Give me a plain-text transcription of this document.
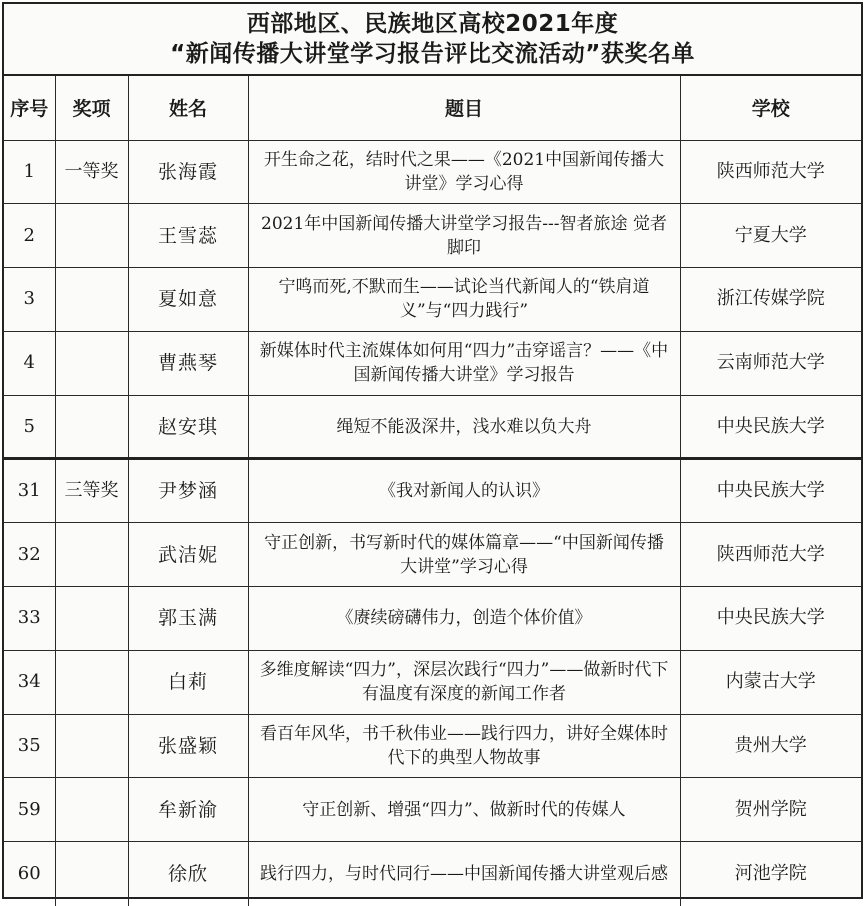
西部地区、民族地区高校2021年度
“新闻传播大讲堂学习报告评比交流活动”获奖名单
序号	奖项	姓名	题目	学校
1	一等奖	张海霞	开生命之花，结时代之果——《2021中国新闻传播大讲堂》学习心得	陕西师范大学
2		王雪蕊	2021年中国新闻传播大讲堂学习报告---智者旅途 觉者脚印	宁夏大学
3		夏如意	宁鸣而死,不默而生——试论当代新闻人的“铁肩道义”与“四力践行”	浙江传媒学院
4		曹燕琴	新媒体时代主流媒体如何用“四力”击穿谣言？——《中国新闻传播大讲堂》学习报告	云南师范大学
5		赵安琪	绳短不能汲深井，浅水难以负大舟	中央民族大学
31	三等奖	尹梦涵	《我对新闻人的认识》	中央民族大学
32		武洁妮	守正创新，书写新时代的媒体篇章——“中国新闻传播大讲堂”学习心得	陕西师范大学
33		郭玉满	《赓续磅礴伟力，创造个体价值》	中央民族大学
34		白莉	多维度解读“四力”，深层次践行“四力”——做新时代下有温度有深度的新闻工作者	内蒙古大学
35		张盛颖	看百年风华，书千秋伟业——践行四力，讲好全媒体时代下的典型人物故事	贵州大学
59		牟新渝	守正创新、增强“四力”、做新时代的传媒人	贺州学院
60		徐欣	践行四力，与时代同行——中国新闻传播大讲堂观后感	河池学院
